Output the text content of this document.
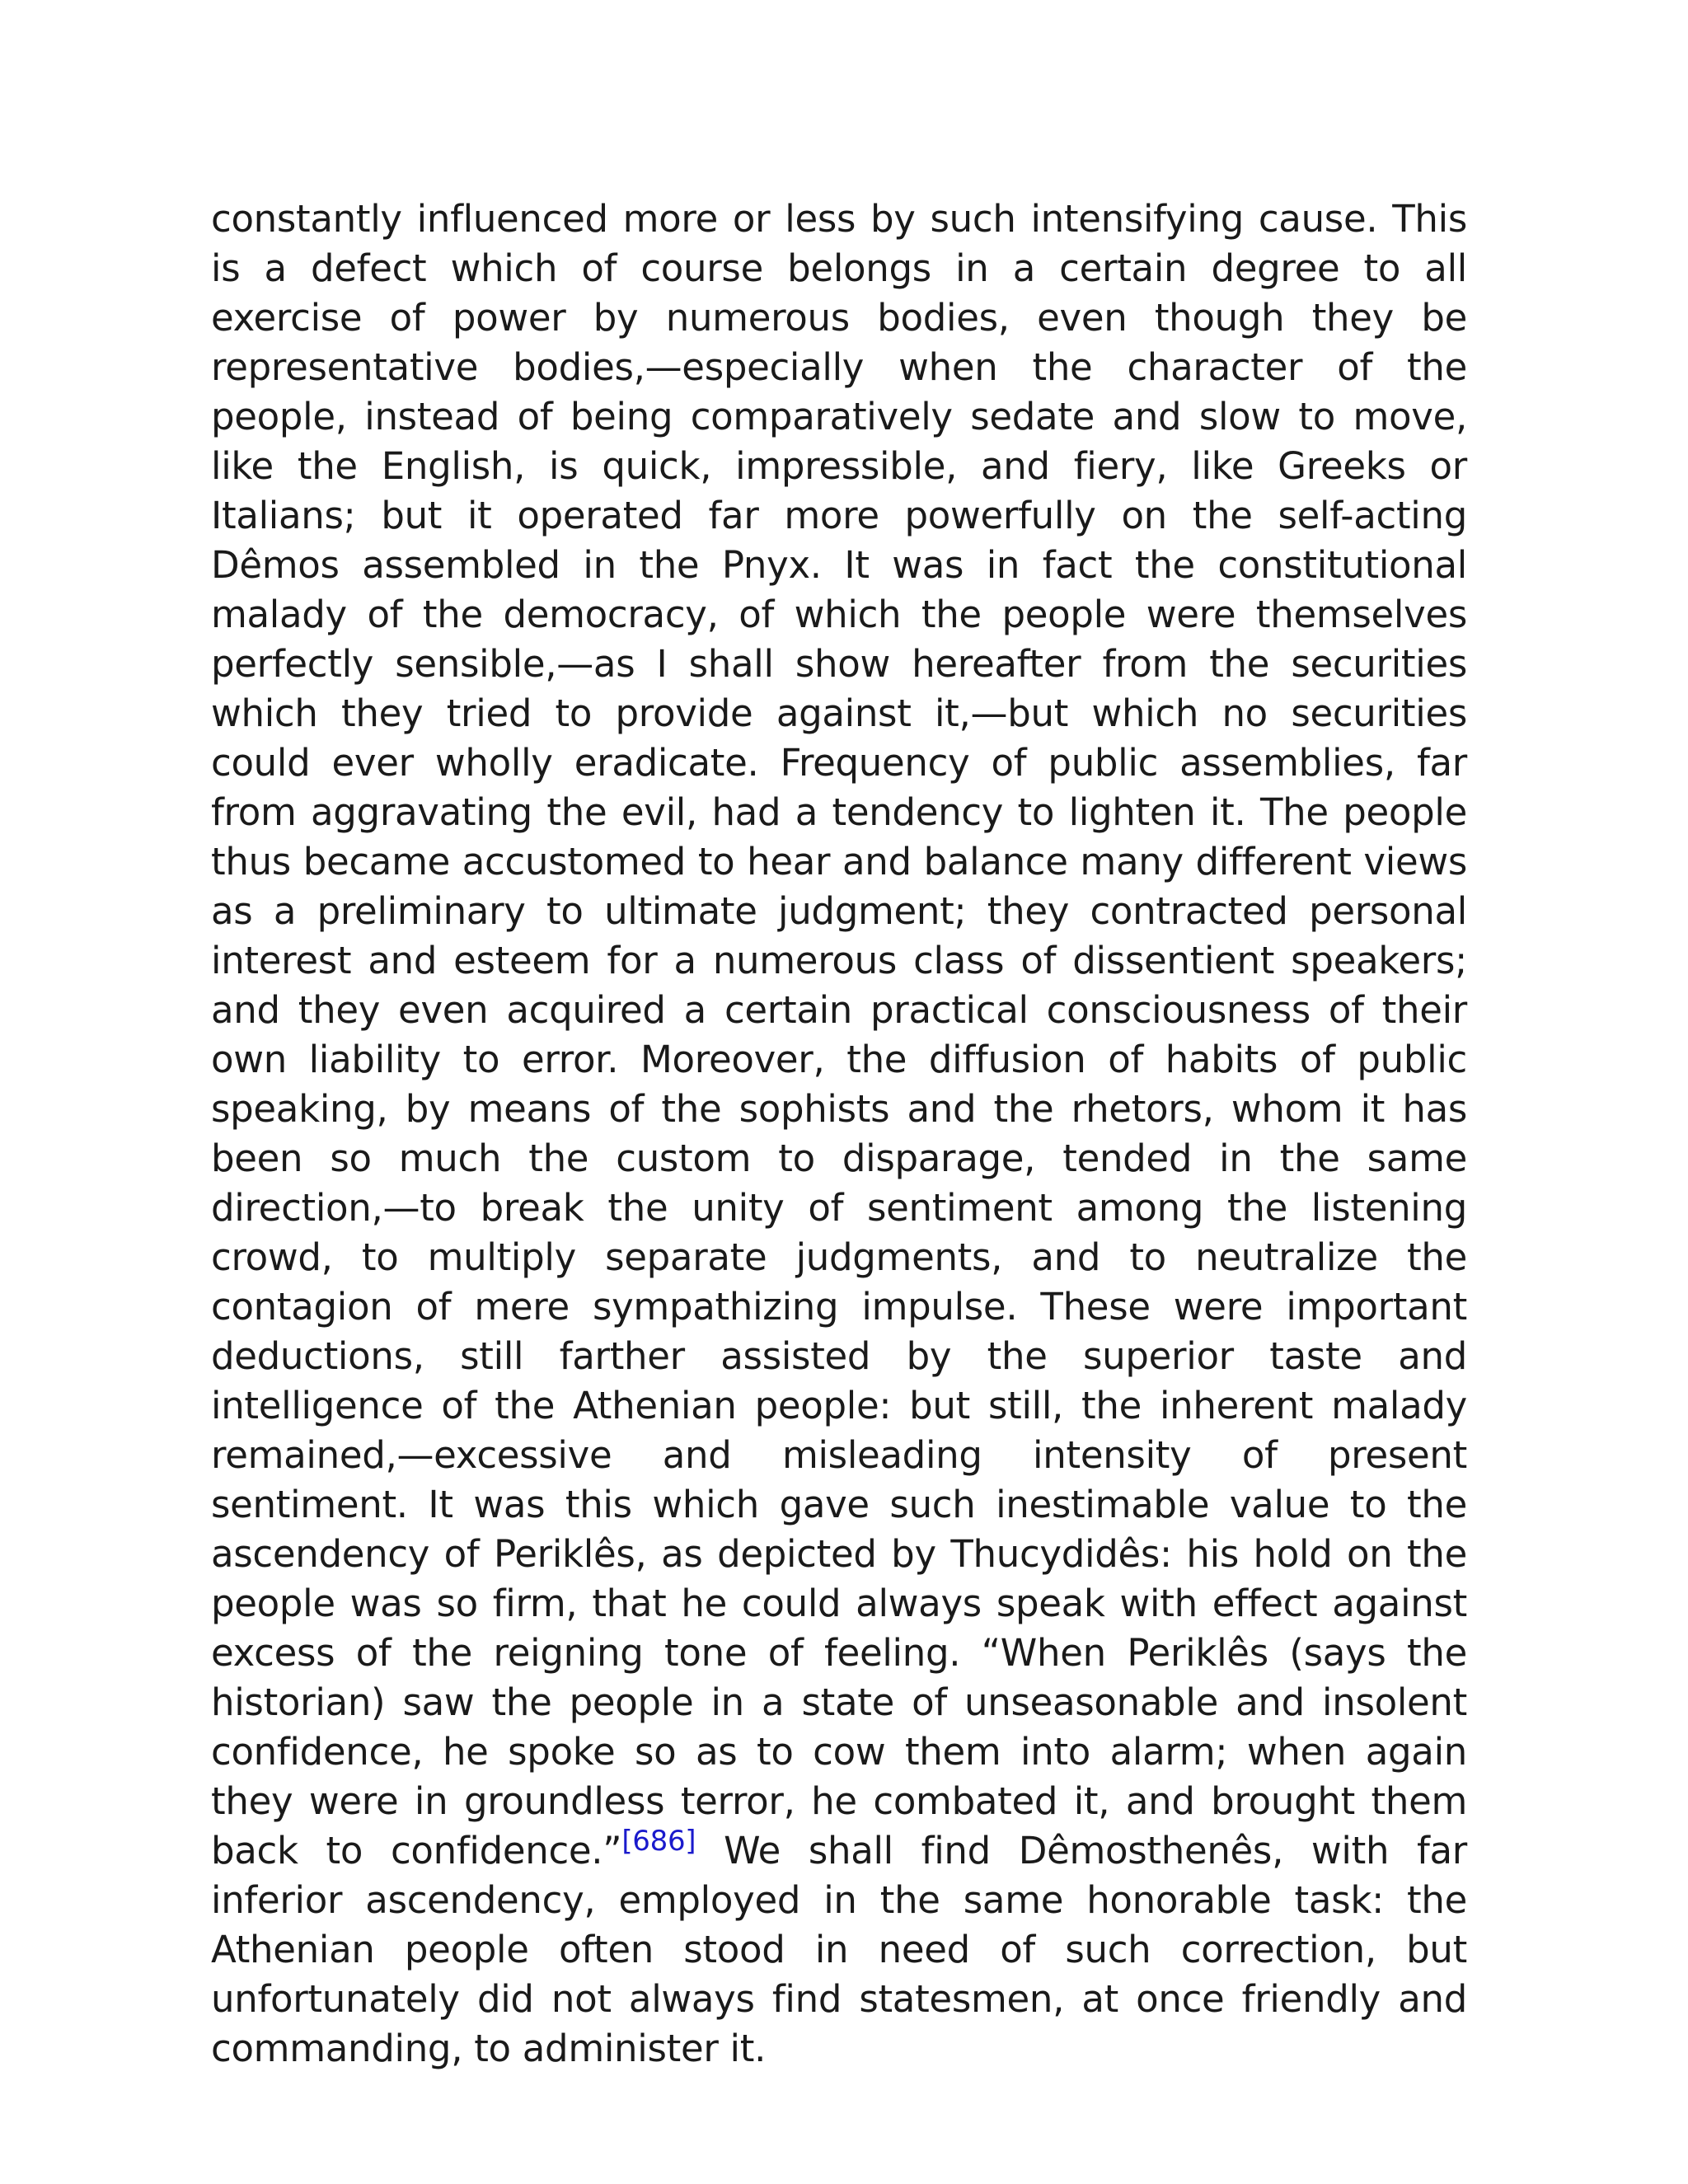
constantly influenced more or less by such intensifying cause. This is a defect which of course belongs in a certain degree to all exercise of power by numerous bodies, even though they be representative bodies,—especially when the character of the people, instead of being comparatively sedate and slow to move, like the English, is quick, impressible, and fiery, like Greeks or Italians; but it operated far more powerfully on the self-acting Dêmos assembled in the Pnyx. It was in fact the constitutional malady of the democracy, of which the people were themselves perfectly sensible,—as I shall show hereafter from the securities which they tried to provide against it,—but which no securities could ever wholly eradicate. Frequency of public assemblies, far from aggravating the evil, had a tendency to lighten it. The people thus became accustomed to hear and balance many different views as a preliminary to ultimate judgment; they contracted personal interest and esteem for a numerous class of dissentient speakers; and they even acquired a certain practical consciousness of their own liability to error. Moreover, the diffusion of habits of public speaking, by means of the sophists and the rhetors, whom it has been so much the custom to disparage, tended in the same direction,—to break the unity of sentiment among the listening crowd, to multiply separate judgments, and to neutralize the contagion of mere sympathizing impulse. These were important deductions, still farther assisted by the superior taste and intelligence of the Athenian people: but still, the inherent malady remained,—excessive and misleading intensity of present sentiment. It was this which gave such inestimable value to the ascendency of Periklês, as depicted by Thucydidês: his hold on the people was so firm, that he could always speak with effect against excess of the reigning tone of feeling. “When Periklês (says the historian) saw the people in a state of unseasonable and insolent confidence, he spoke so as to cow them into alarm; when again they were in groundless terror, he combated it, and brought them back to confidence.”[686] We shall find Dêmosthenês, with far inferior ascendency, employed in the same honorable task: the Athenian people often stood in need of such correction, but unfortunately did not always find statesmen, at once friendly and commanding, to administer it.
